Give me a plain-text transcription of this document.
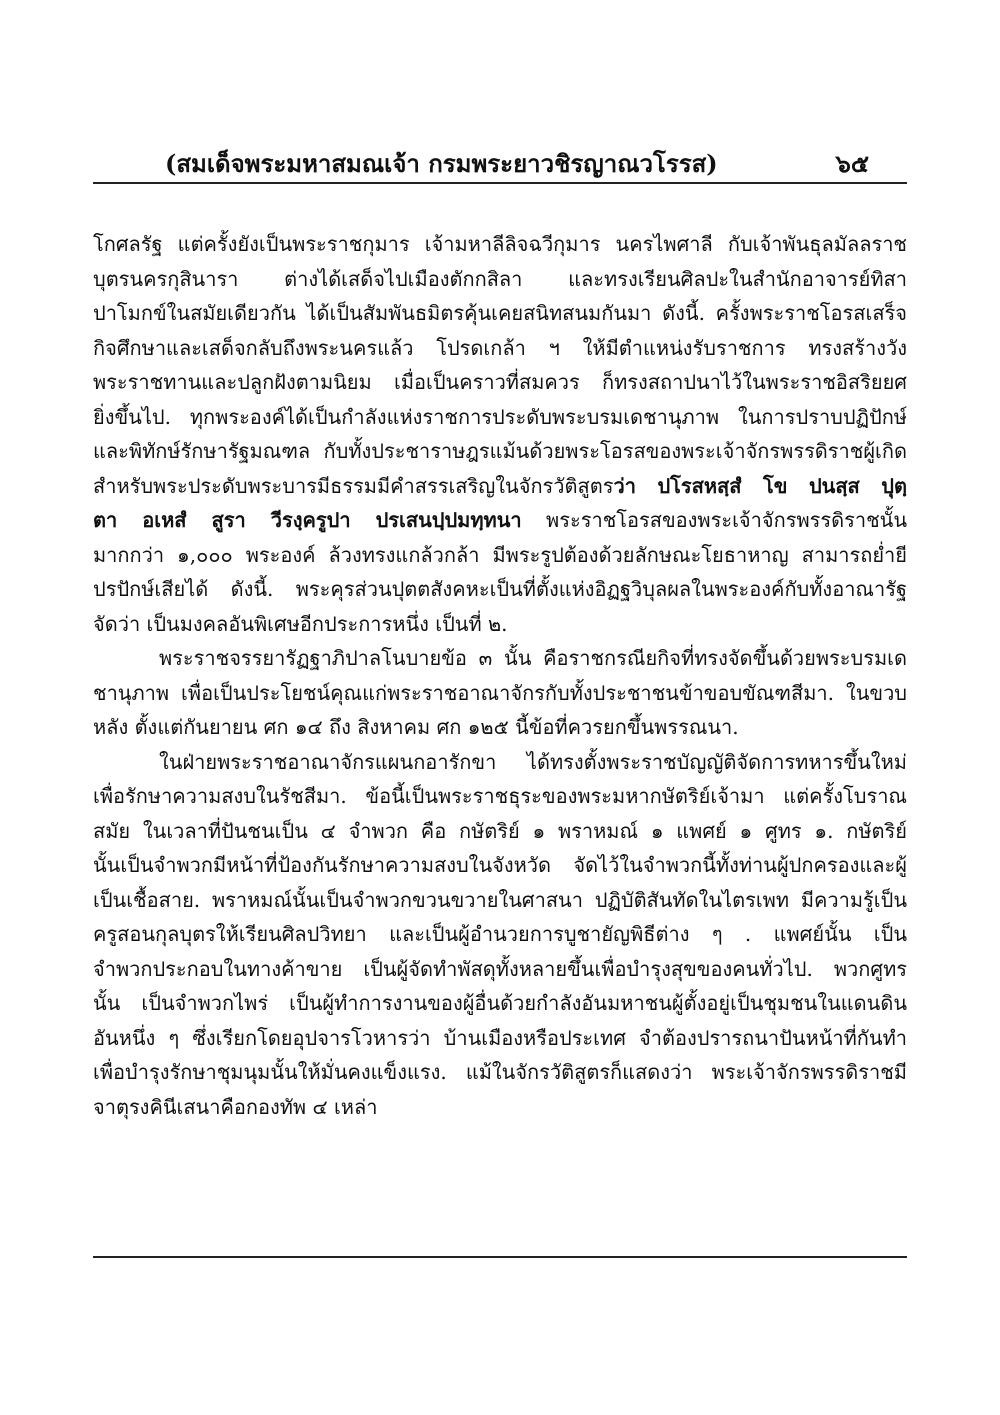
(สมเด็จพระมหาสมณเจ้า กรมพระยาวชิรญาณวโรรส)	๖๕
โกศลรัฐ แต่ครั้งยังเป็นพระราชกุมาร เจ้ามหาลีลิจฉวีกุมาร นครไพศาลี กับเจ้าพันธุลมัลลราช
บุตรนครกุสินารา ต่างได้เสด็จไปเมืองตักกสิลา และทรงเรียนศิลปะในสำนักอาจารย์ทิสา
ปาโมกข์ในสมัยเดียวกัน ได้เป็นสัมพันธมิตรคุ้นเคยสนิทสนมกันมา ดังนี้. ครั้งพระราชโอรสเสร็จ
กิจศึกษาและเสด็จกลับถึงพระนครแล้ว โปรดเกล้า ฯ ให้มีตำแหน่งรับราชการ ทรงสร้างวัง
พระราชทานและปลูกฝังตามนิยม เมื่อเป็นคราวที่สมควร ก็ทรงสถาปนาไว้ในพระราชอิสริยยศ
ยิ่งขึ้นไป. ทุกพระองค์ได้เป็นกำลังแห่งราชการประดับพระบรมเดชานุภาพ ในการปราบปฏิปักษ์
และพิทักษ์รักษารัฐมณฑล กับทั้งประชาราษฎรแม้นด้วยพระโอรสของพระเจ้าจักรพรรดิราชผู้เกิด
สำหรับพระประดับพระบารมีธรรมมีคำสรรเสริญในจักรวัติสูตรว่า ปโรสหสฺสํ โข ปนสฺส ปุตฺ
ตา อเหสํ สูรา วีรงฺครูปา ปรเสนปฺปมทฺทนา พระราชโอรสของพระเจ้าจักรพรรดิราชนั้น
มากกว่า ๑,๐๐๐ พระองค์ ล้วงทรงแกล้วกล้า มีพระรูปต้องด้วยลักษณะโยธาหาญ สามารถย่ำยี
ปรปักษ์เสียได้ ดังนี้. พระคุรส่วนปุตตสังคหะเป็นที่ตั้งแห่งอิฏฐวิบุลผลในพระองค์กับทั้งอาณารัฐ
จัดว่า เป็นมงคลอันพิเศษอีกประการหนึ่ง เป็นที่ ๒.
พระราชจรรยารัฏฐาภิปาลโนบายข้อ ๓ นั้น คือราชกรณียกิจที่ทรงจัดขึ้นด้วยพระบรมเด
ชานุภาพ เพื่อเป็นประโยชน์คุณแก่พระราชอาณาจักรกับทั้งประชาชนข้าขอบขัณฑสีมา. ในขวบ
หลัง ตั้งแต่กันยายน ศก ๑๔ ถึง สิงหาคม ศก ๑๒๕ นี้ข้อที่ควรยกขึ้นพรรณนา.
ในฝ่ายพระราชอาณาจักรแผนกอารักขา ได้ทรงตั้งพระราชบัญญัติจัดการทหารขึ้นใหม่
เพื่อรักษาความสงบในรัชสีมา. ข้อนี้เป็นพระราชธุระของพระมหากษัตริย์เจ้ามา แต่ครั้งโบราณ
สมัย ในเวลาที่ปันชนเป็น ๔ จำพวก คือ กษัตริย์ ๑ พราหมณ์ ๑ แพศย์ ๑ ศูทร ๑. กษัตริย์
นั้นเป็นจำพวกมีหน้าที่ป้องกันรักษาความสงบในจังหวัด จัดไว้ในจำพวกนี้ทั้งท่านผู้ปกครองและผู้
เป็นเชื้อสาย. พราหมณ์นั้นเป็นจำพวกขวนขวายในศาสนา ปฏิบัติสันทัดในไตรเพท มีความรู้เป็น
ครูสอนกุลบุตรให้เรียนศิลปวิทยา และเป็นผู้อำนวยการบูชายัญพิธีต่าง ๆ . แพศย์นั้น เป็น
จำพวกประกอบในทางค้าขาย เป็นผู้จัดทำพัสดุทั้งหลายขึ้นเพื่อบำรุงสุขของคนทั่วไป. พวกศูทร
นั้น เป็นจำพวกไพร่ เป็นผู้ทำการงานของผู้อื่นด้วยกำลังอันมหาชนผู้ตั้งอยู่เป็นชุมชนในแดนดิน
อันหนึ่ง ๆ ซึ่งเรียกโดยอุปจารโวหารว่า บ้านเมืองหรือประเทศ จำต้องปรารถนาปันหน้าที่กันทำ
เพื่อบำรุงรักษาชุมนุมนั้นให้มั่นคงแข็งแรง. แม้ในจักรวัติสูตรก็แสดงว่า พระเจ้าจักรพรรดิราชมี
จาตุรงคินีเสนาคือกองทัพ ๔ เหล่า
